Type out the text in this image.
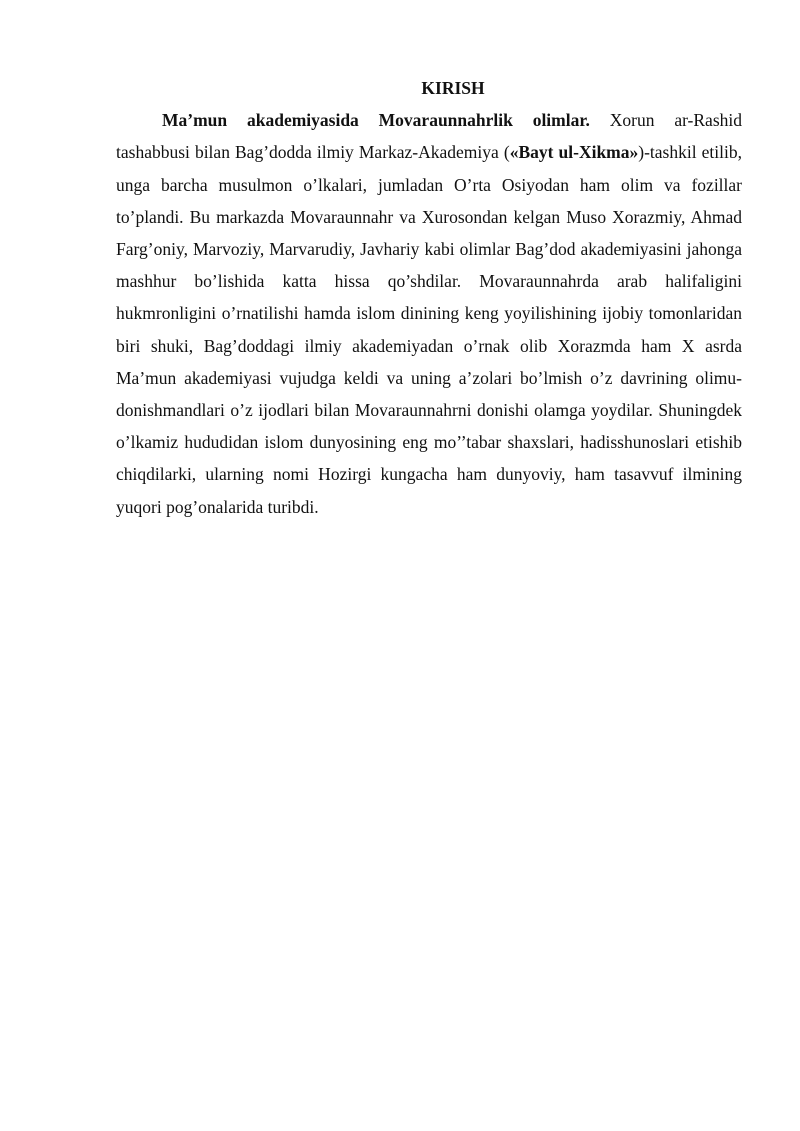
KIRISH

Ma’mun akademiyasida Movaraunnahrlik olimlar. Xorun ar-Rashid tashabbusi bilan Bag’dodda ilmiy Markaz-Akademiya («Bayt ul-Xikma»)-tashkil etilib, unga barcha musulmon o’lkalari, jumladan O’rta Osiyodan ham olim va fozillar to’plandi. Bu markazda Movaraunnahr va Xurosondan kelgan Muso Xorazmiy, Ahmad Farg’oniy, Marvoziy, Marvarudiy, Javhariy kabi olimlar Bag’dod akademiyasini jahonga mashhur bo’lishida katta hissa qo’shdilar. Movaraunnahrda arab halifaligini hukmronligini o’rnatilishi hamda islom dinining keng yoyilishining ijobiy tomonlaridan biri shuki, Bag’doddagi ilmiy akademiyadan o’rnak olib Xorazmda ham X asrda Ma’mun akademiyasi vujudga keldi va uning a’zolari bo’lmish o’z davrining olimu-donishmandlari o’z ijodlari bilan Movaraunnahrni donishi olamga yoydilar. Shuningdek o’lkamiz hududidan islom dunyosining eng mo’’tabar shaxslari, hadisshunoslari etishib chiqdilarki, ularning nomi Hozirgi kungacha ham dunyoviy, ham tasavvuf ilmining yuqori pog’onalarida turibdi.
